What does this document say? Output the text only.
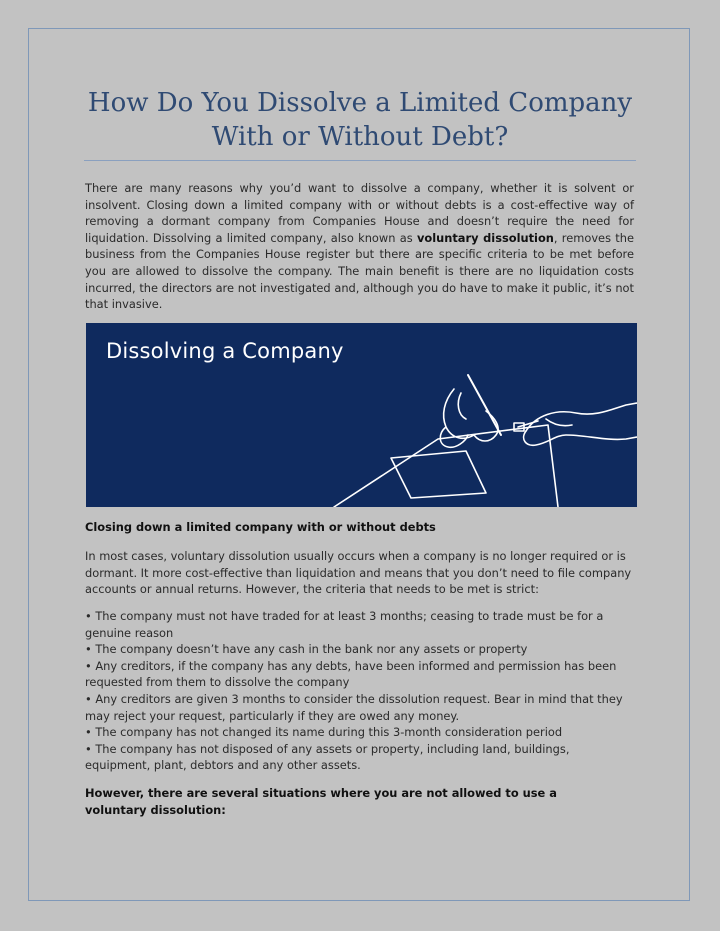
How Do You Dissolve a Limited Company With or Without Debt?

There are many reasons why you’d want to dissolve a company, whether it is solvent or insolvent. Closing down a limited company with or without debts is a cost-effective way of removing a dormant company from Companies House and doesn’t require the need for liquidation. Dissolving a limited company, also known as voluntary dissolution, removes the business from the Companies House register but there are specific criteria to be met before you are allowed to dissolve the company. The main benefit is there are no liquidation costs incurred, the directors are not investigated and, although you do have to make it public, it’s not that invasive.

Dissolving a Company

Closing down a limited company with or without debts

In most cases, voluntary dissolution usually occurs when a company is no longer required or is dormant. It more cost-effective than liquidation and means that you don’t need to file company accounts or annual returns. However, the criteria that needs to be met is strict:

• The company must not have traded for at least 3 months; ceasing to trade must be for a genuine reason

• The company doesn’t have any cash in the bank nor any assets or property

• Any creditors, if the company has any debts, have been informed and permission has been requested from them to dissolve the company

• Any creditors are given 3 months to consider the dissolution request. Bear in mind that they may reject your request, particularly if they are owed any money.

• The company has not changed its name during this 3-month consideration period

• The company has not disposed of any assets or property, including land, buildings, equipment, plant, debtors and any other assets.

However, there are several situations where you are not allowed to use a voluntary dissolution:
